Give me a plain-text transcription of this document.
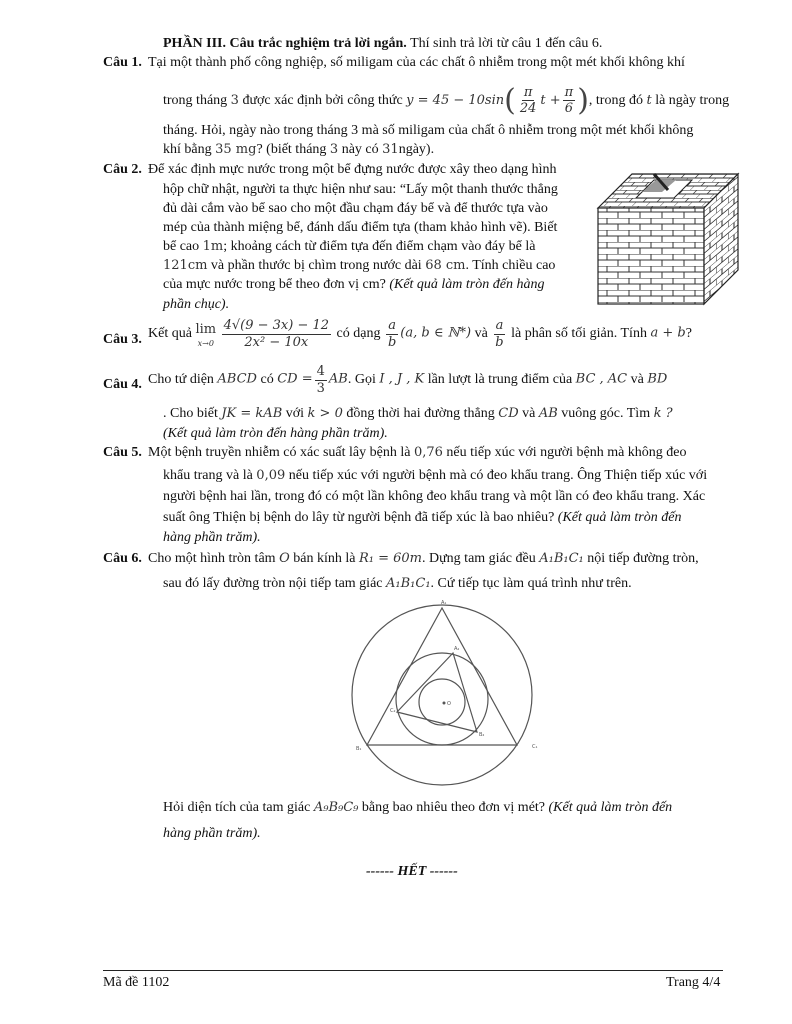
PHẦN III. Câu trắc nghiệm trả lời ngắn. Thí sinh trả lời từ câu 1 đến câu 6.
Câu 1. Tại một thành phố công nghiệp, số miligam của các chất ô nhiễm trong một mét khối không khí
trong tháng 3 được xác định bởi công thức $y = 45 - 10\sin( \frac{\pi}{24}$ $t + \frac{\pi}{6}$ ), trong đó t là ngày trong
tháng. Hỏi, ngày nào trong tháng 3 mà số miligam của chất ô nhiễm trong một mét khối không
khí bằng 35 mg? (biết tháng 3 này có 31ngày).
Câu 2. Để xác định mực nước trong một bể đựng nước được xây theo dạng hình
hộp chữ nhật, người ta thực hiện như sau: “Lấy một thanh thước thẳng
đủ dài cắm vào bể sao cho một đầu chạm đáy bể và để thước tựa vào
mép của thành miệng bể, đánh dấu điểm tựa (tham khảo hình vẽ). Biết
bể cao 1m; khoảng cách từ điểm tựa đến điểm chạm vào đáy bể là
121cm và phần thước bị chìm trong nước dài 68 cm. Tính chiều cao
của mực nước trong bể theo đơn vị cm? (Kết quả làm tròn đến hàng
phần chục).
Câu 3. Kết quả lim
x→0
$\frac{4√(9 - 3x) - 12}{\text{2x² − 10x}}$ có dạng $\frac{a}{b} (a$, b ∈ ℕ*) và $\frac{a}{b}$ là phân số tối giản. Tính a + b?
Câu 4. Cho tứ diện ABCD có CD = $\frac{4}{3}$ AB. Gọi I , J , K lần lượt là trung điểm của BC , AC và BD
. Cho biết JK = kAB với k > 0 đồng thời hai đường thẳng CD và AB vuông góc. Tìm k ?
(Kết quả làm tròn đến hàng phần trăm).
Câu 5. Một bệnh truyền nhiễm có xác suất lây bệnh là 0,76 nếu tiếp xúc với người bệnh mà không đeo
khẩu trang và là 0,09 nếu tiếp xúc với người bệnh mà có đeo khẩu trang. Ông Thiện tiếp xúc với
người bệnh hai lần, trong đó có một lần không đeo khẩu trang và một lần có đeo khẩu trang. Xác
suất ông Thiện bị bệnh do lây từ người bệnh đã tiếp xúc là bao nhiêu? (Kết quả làm tròn đến
hàng phần trăm).
Câu 6. Cho một hình tròn tâm O bán kính là R₁ = 60m. Dựng tam giác đều A₁B₁C₁ nội tiếp đường tròn,
sau đó lấy đường tròn nội tiếp tam giác A₁B₁C₁. Cứ tiếp tục làm quá trình như trên.
A₁
A₂
B₁
B₂
C₁
C₂
O
Hỏi diện tích của tam giác A₉B₉C₉ bằng bao nhiêu theo đơn vị mét? (Kết quả làm tròn đến
hàng phần trăm).
------ HẾT ------
Mã đề 1102	Trang 4/4
